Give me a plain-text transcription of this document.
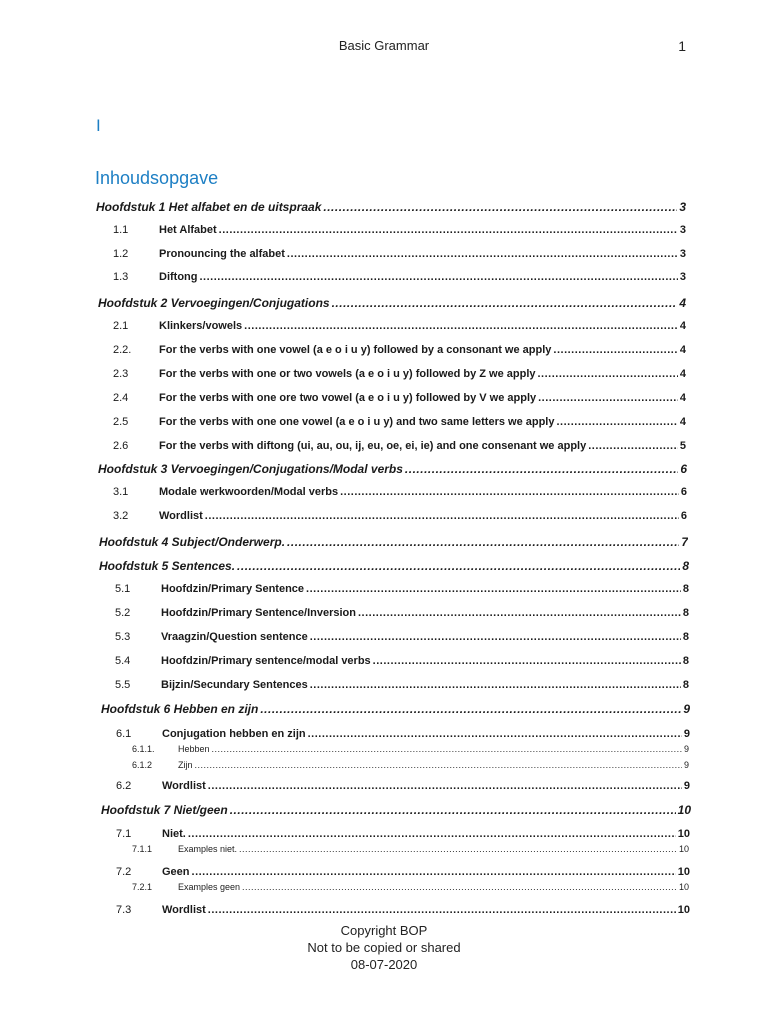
Basic Grammar	1
I
Inhoudsopgave
Hoofdstuk 1 Het alfabet en de uitspraak .....	3
1.1	Het Alfabet .....	3
1.2	Pronouncing the alfabet .....	3
1.3	Diftong .....	3
Hoofdstuk 2 Vervoegingen/Conjugations .....	4
2.1	Klinkers/vowels .....	4
2.2.	For the verbs with one vowel (a e o i u y) followed by a consonant we apply .....	4
2.3	For the verbs with one or two vowels (a e o i u y) followed by Z we apply .....	4
2.4	For the verbs with one ore two vowel (a e o i u y) followed by V we apply .....	4
2.5	For the verbs with one one vowel (a e o i u y) and two same letters we apply .....	4
2.6	For the verbs with diftong (ui, au, ou, ij, eu, oe, ei, ie) and one consenant we apply .....	5
Hoofdstuk 3 Vervoegingen/Conjugations/Modal verbs .....	6
3.1	Modale werkwoorden/Modal verbs .....	6
3.2	Wordlist .....	6
Hoofdstuk 4 Subject/Onderwerp. .....	7
Hoofdstuk 5 Sentences. .....	8
5.1	Hoofdzin/Primary Sentence .....	8
5.2	Hoofdzin/Primary Sentence/Inversion .....	8
5.3	Vraagzin/Question sentence .....	8
5.4	Hoofdzin/Primary sentence/modal verbs .....	8
5.5	Bijzin/Secundary Sentences .....	8
Hoofdstuk 6 Hebben en zijn .....	9
6.1	Conjugation hebben en zijn .....	9
6.1.1.	Hebben .....	9
6.1.2	Zijn .....	9
6.2	Wordlist .....	9
Hoofdstuk 7 Niet/geen .....	10
7.1	Niet. .....	10
7.1.1	Examples niet. .....	10
7.2	Geen .....	10
7.2.1	Examples geen .....	10
7.3	Wordlist .....	10
Copyright BOP
Not to be copied or shared
08-07-2020
